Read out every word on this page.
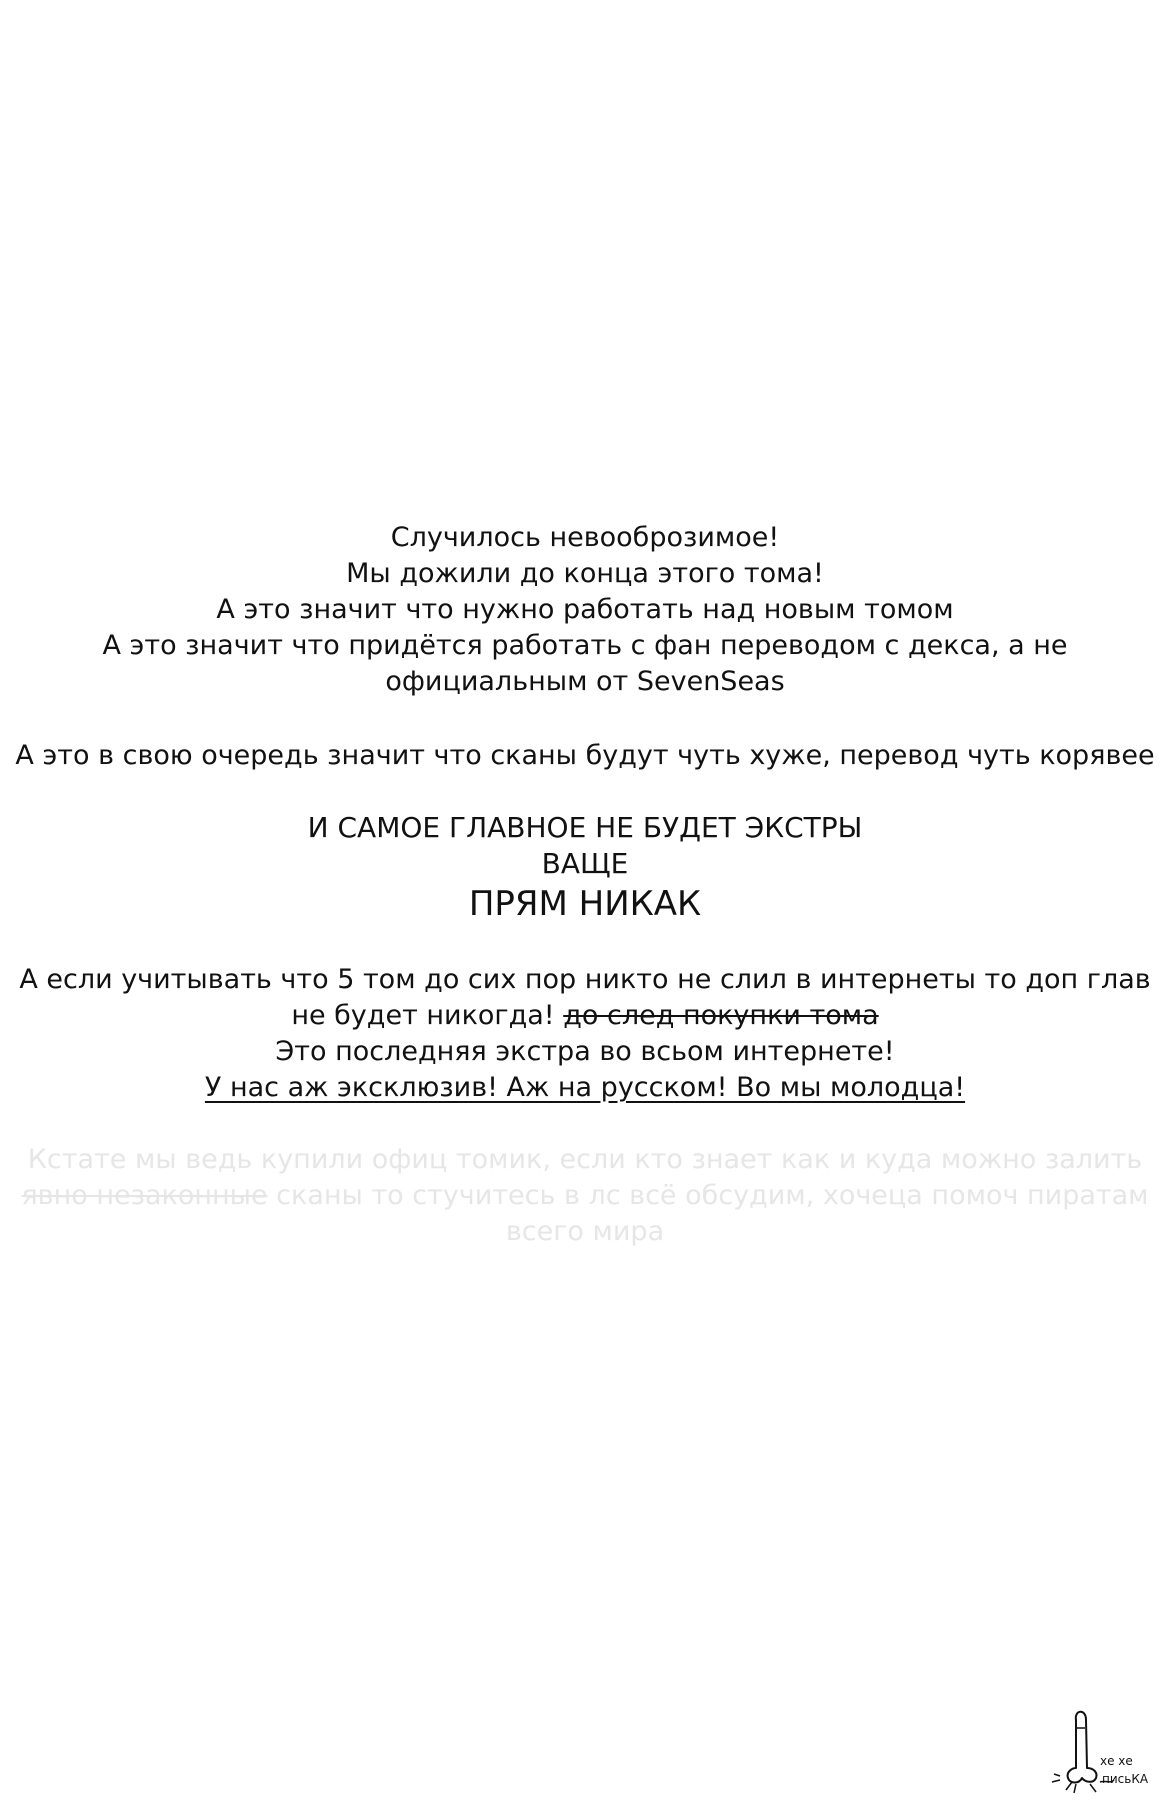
Случилось невооброзимое!
Мы дожили до конца этого тома!
А это значит что нужно работать над новым томом
А это значит что придётся работать с фан переводом с декса, а не
официальным от SevenSeas
А это в свою очередь значит что сканы будут чуть хуже, перевод чуть корявее
И САМОЕ ГЛАВНОЕ НЕ БУДЕТ ЭКСТРЫ
ВАЩЕ
ПРЯМ НИКАК
А если учитывать что 5 том до сих пор никто не слил в интернеты то доп глав
не будет никогда! до след покупки тома
Это последняя экстра во всьом интернете!
У нас аж эксклюзив! Аж на русском! Во мы молодца!
Кстате мы ведь купили офиц томик, если кто знает как и куда можно залить
явно незаконные сканы то стучитесь в лс всё обсудим, хочеца помоч пиратам
всего мира
хе хе
письКА
